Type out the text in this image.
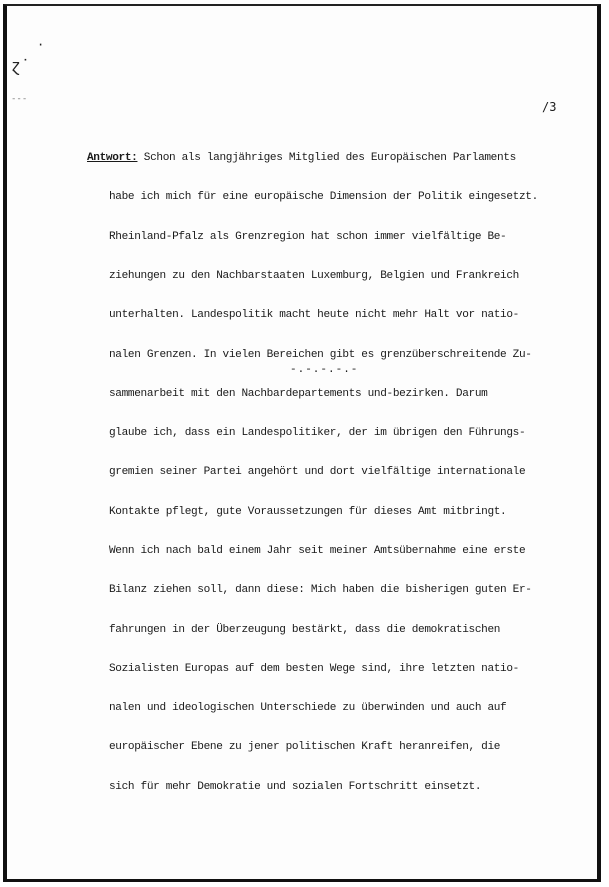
·
ɀ˙
---
/3

Antwort: Schon als langjähriges Mitglied des Europäischen Parlaments

habe ich mich für eine europäische Dimension der Politik eingesetzt.

Rheinland-Pfalz als Grenzregion hat schon immer vielfältige Be-

ziehungen zu den Nachbarstaaten Luxemburg, Belgien und Frankreich

unterhalten. Landespolitik macht heute nicht mehr Halt vor natio-

nalen Grenzen. In vielen Bereichen gibt es grenzüberschreitende Zu-

sammenarbeit mit den Nachbardepartements und-bezirken. Darum

glaube ich, dass ein Landespolitiker, der im übrigen den Führungs-

gremien seiner Partei angehört und dort vielfältige internationale

Kontakte pflegt, gute Voraussetzungen für dieses Amt mitbringt.

Wenn ich nach bald einem Jahr seit meiner Amtsübernahme eine erste

Bilanz ziehen soll, dann diese: Mich haben die bisherigen guten Er-

fahrungen in der Überzeugung bestärkt, dass die demokratischen

Sozialisten Europas auf dem besten Wege sind, ihre letzten natio-

nalen und ideologischen Unterschiede zu überwinden und auch auf

europäischer Ebene zu jener politischen Kraft heranreifen, die

sich für mehr Demokratie und sozialen Fortschritt einsetzt.

-.-.-.-.-
